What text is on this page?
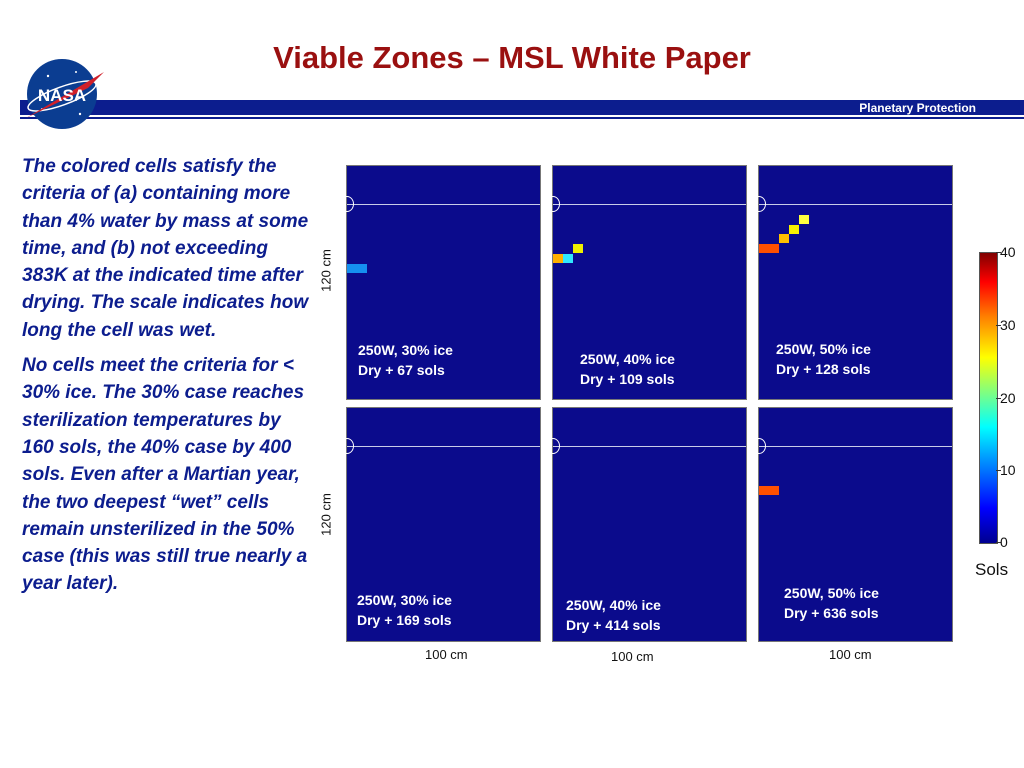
Viable Zones – MSL White Paper
Planetary Protection
NASA

The colored cells satisfy the criteria of (a) containing more than 4% water by mass at some time, and (b) not exceeding 383K at the indicated time after drying. The scale indicates how long the cell was wet.

No cells meet the criteria for < 30% ice. The 30% case reaches sterilization temperatures by 160 sols, the 40% case by 400 sols. Even after a Martian year, the two deepest “wet” cells remain unsterilized in the 50% case (this was still true nearly a year later).

250W, 30% ice
Dry + 67 sols
250W, 40% ice
Dry + 109 sols
250W, 50% ice
Dry + 128 sols
250W, 30% ice
Dry + 169 sols
250W, 40% ice
Dry + 414 sols
250W, 50% ice
Dry + 636 sols
120 cm
120 cm
100 cm	100 cm	100 cm
0
10
20
30
40
Sols
